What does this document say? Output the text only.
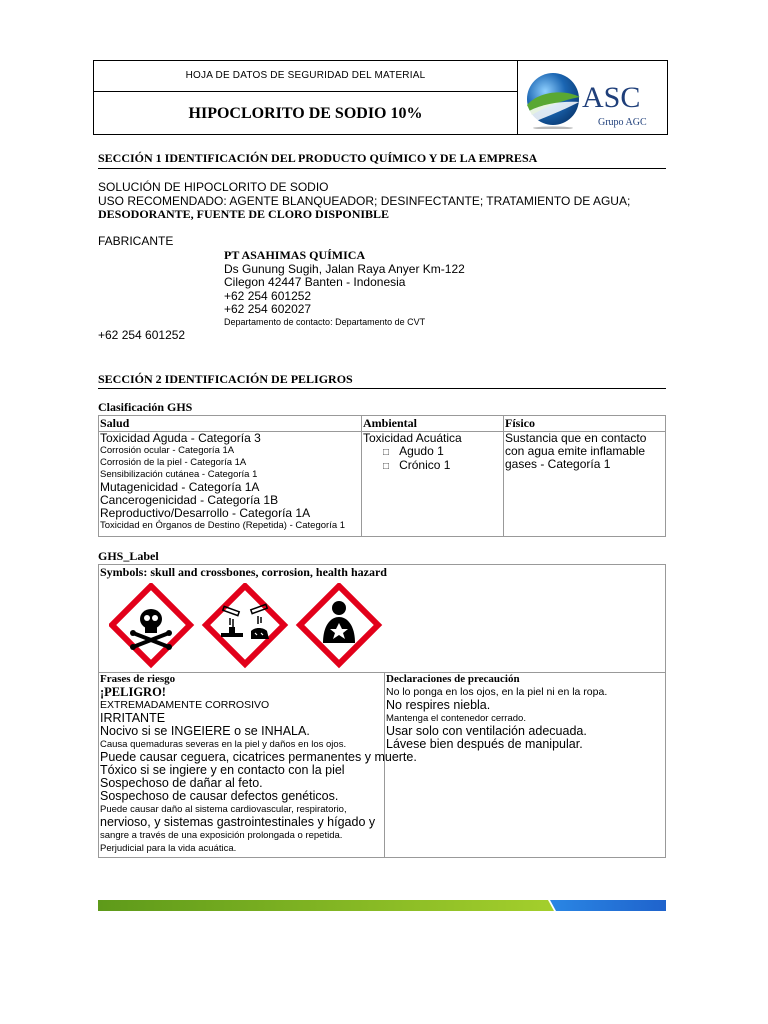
HOJA DE DATOS DE SEGURIDAD DEL MATERIAL
HIPOCLORITO DE SODIO 10%	ASC
Grupo AGC
SECCIÓN 1 IDENTIFICACIÓN DEL PRODUCTO QUÍMICO Y DE LA EMPRESA
SOLUCIÓN DE HIPOCLORITO DE SODIO
USO RECOMENDADO: AGENTE BLANQUEADOR; DESINFECTANTE; TRATAMIENTO DE AGUA;
DESODORANTE, FUENTE DE CLORO DISPONIBLE
FABRICANTE
PT ASAHIMAS QUÍMICA
Ds Gunung Sugih, Jalan Raya Anyer Km-122
Cilegon 42447 Banten - Indonesia
+62 254 601252
+62 254 602027
Departamento de contacto: Departamento de CVT
+62 254 601252
SECCIÓN 2 IDENTIFICACIÓN DE PELIGROS
Clasificación GHS
Salud
Toxicidad Aguda - Categoría 3
Corrosión ocular - Categoría 1A
Corrosión de la piel - Categoría 1A
Sensibilización cutánea - Categoría 1
Mutagenicidad - Categoría 1A
Cancerogenicidad - Categoría 1B
Reproductivo/Desarrollo - Categoría 1A
Toxicidad en Órganos de Destino (Repetida) - Categoría 1
Ambiental
Toxicidad Acuática
□ Agudo 1
□ Crónico 1
Físico
Sustancia que en contacto
con agua emite inflamable
gases - Categoría 1
GHS_Label
Symbols: skull and crossbones, corrosion, health hazard
Frases de riesgo
¡PELIGRO!
EXTREMADAMENTE CORROSIVO
IRRITANTE
Nocivo si se INGEIERE o se INHALA.
Causa quemaduras severas en la piel y daños en los ojos.
Puede causar ceguera, cicatrices permanentes y muerte.
Tóxico si se ingiere y en contacto con la piel
Sospechoso de dañar al feto.
Sospechoso de causar defectos genéticos.
Puede causar daño al sistema cardiovascular, respiratorio,
nervioso, y sistemas gastrointestinales y hígado y
sangre a través de una exposición prolongada o repetida.
Perjudicial para la vida acuática.
Declaraciones de precaución
No lo ponga en los ojos, en la piel ni en la ropa.
No respires niebla.
Mantenga el contenedor cerrado.
Usar solo con ventilación adecuada.
Lávese bien después de manipular.
